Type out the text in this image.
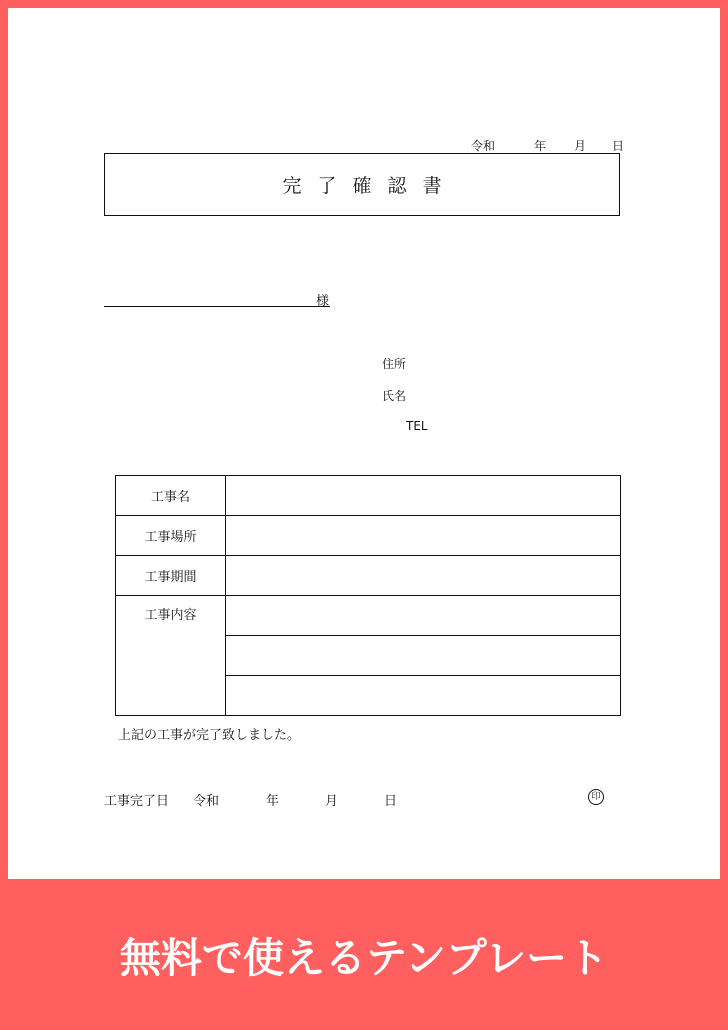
令和	年 月 日
完了確認書
様
住所
氏名
TEL
工事名	
工事場所	
工事期間	
工事内容	

上記の工事が完了致しました。
工事完了日 令和	年	月	日	印
無料で使えるテンプレート
